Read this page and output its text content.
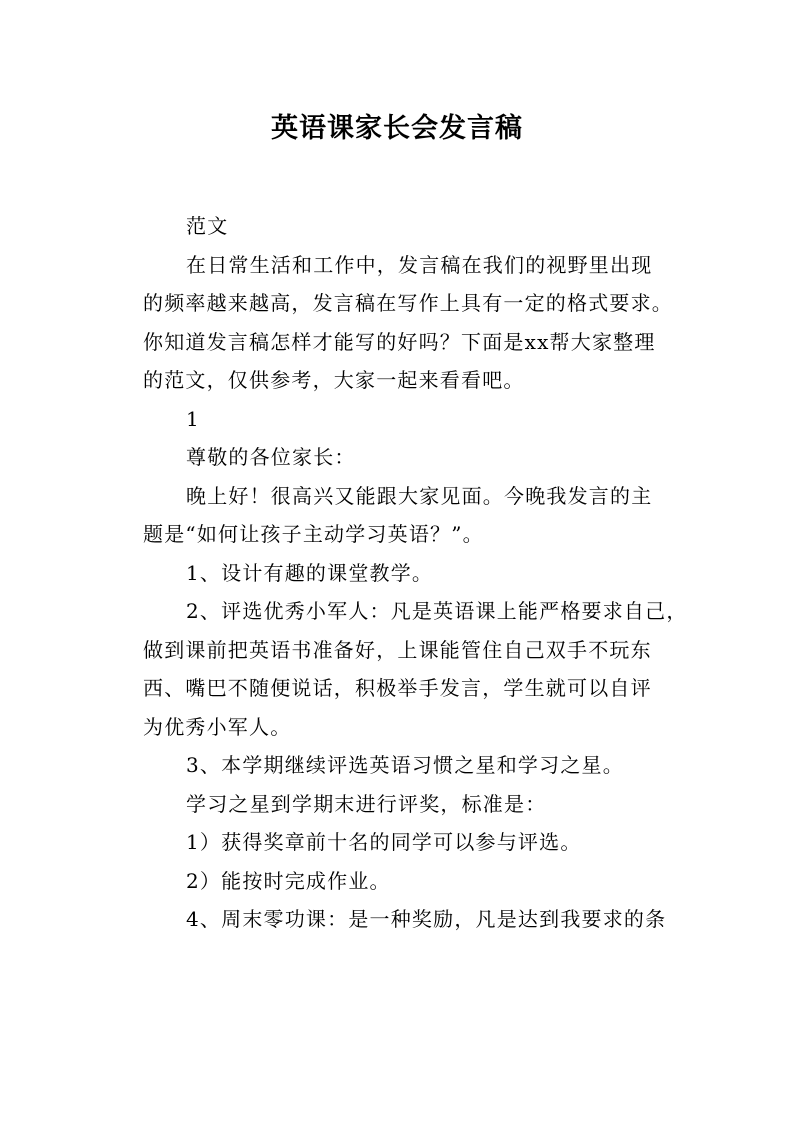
英语课家长会发言稿

范文

在日常生活和工作中，发言稿在我们的视野里出现

的频率越来越高，发言稿在写作上具有一定的格式要求。

你知道发言稿怎样才能写的好吗？下面是xx帮大家整理

的范文，仅供参考，大家一起来看看吧。

1

尊敬的各位家长：

晚上好！很高兴又能跟大家见面。今晚我发言的主

题是“如何让孩子主动学习英语？”。

1、设计有趣的课堂教学。

2、评选优秀小军人：凡是英语课上能严格要求自己，

做到课前把英语书准备好，上课能管住自己双手不玩东

西、嘴巴不随便说话，积极举手发言，学生就可以自评

为优秀小军人。

3、本学期继续评选英语习惯之星和学习之星。

学习之星到学期末进行评奖，标准是：

1）获得奖章前十名的同学可以参与评选。

2）能按时完成作业。

4、周末零功课：是一种奖励，凡是达到我要求的条
